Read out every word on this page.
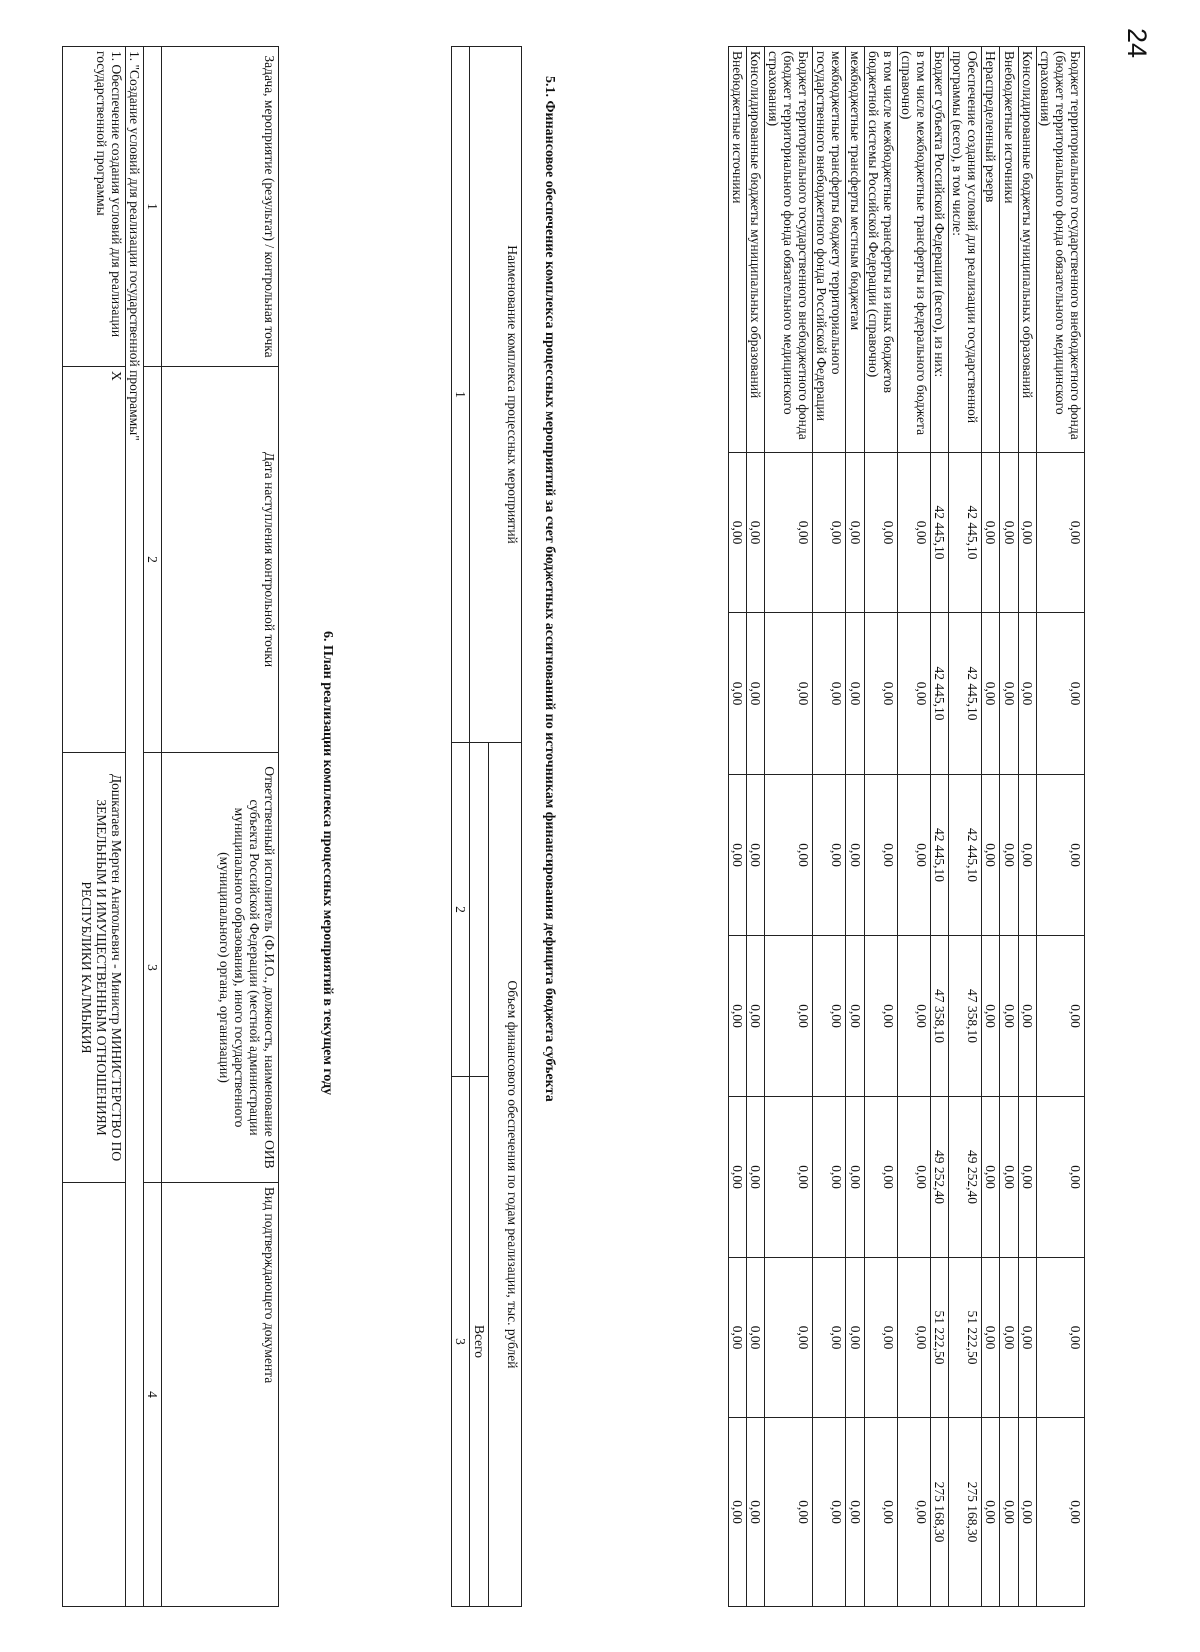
24
Бюджет территориального государственного внебюджетного фонда (бюджет территориального фонда обязательного медицинского страхования)	0,00	0,00	0,00	0,00	0,00	0,00	0,00
Консолидированные бюджеты муниципальных образований	0,00	0,00	0,00	0,00	0,00	0,00	0,00
Внебюджетные источники	0,00	0,00	0,00	0,00	0,00	0,00	0,00
Нераспределенный резерв	0,00	0,00	0,00	0,00	0,00	0,00	0,00
Обеспечение создания условий для реализации государственной программы (всего), в том числе:	42 445,10	42 445,10	42 445,10	47 358,10	49 252,40	51 222,50	275 168,30
Бюджет субъекта Российской Федерации (всего), из них:	42 445,10	42 445,10	42 445,10	47 358,10	49 252,40	51 222,50	275 168,30
в том числе межбюджетные трансферты из федерального бюджета (справочно)	0,00	0,00	0,00	0,00	0,00	0,00	0,00
в том числе межбюджетные трансферты из иных бюджетов бюджетной системы Российской Федерации (справочно)	0,00	0,00	0,00	0,00	0,00	0,00	0,00
межбюджетные трансферты местным бюджетам	0,00	0,00	0,00	0,00	0,00	0,00	0,00
межбюджетные трансферты бюджету территориального государственного внебюджетного фонда Российской Федерации	0,00	0,00	0,00	0,00	0,00	0,00	0,00
Бюджет территориального государственного внебюджетного фонда (бюджет территориального фонда обязательного медицинского страхования)	0,00	0,00	0,00	0,00	0,00	0,00	0,00
Консолидированные бюджеты муниципальных образований	0,00	0,00	0,00	0,00	0,00	0,00	0,00
Внебюджетные источники	0,00	0,00	0,00	0,00	0,00	0,00	0,00
5.1. Финансовое обеспечение комплекса процессных мероприятий за счет бюджетных ассигнований по источникам финансирования дефицита бюджета субъекта
Наименование комплекса процессных мероприятий	Объем финансового обеспечения по годам реализации, тыс. рублей	
		Всего
1	2	3
6. План реализации комплекса процессных мероприятий в текущем году
Задача, мероприятие (результат) / контрольная точка	Дата наступления контрольной точки	Ответственный исполнитель (Ф.И.О., должность, наименование ОИВ субъекта Российской Федерации (местной администрации муниципального образования), иного государственного (муниципального) органа, организации)	Вид подтверждающего документа
1	2	3	4
1. "Создание условий для реализации государственной программы"			
1. Обеспечение создания условий для реализации государственной программы	X	Дошкатаев Мерген Анатольевич - Министр МИНИСТЕРСТВО ПО ЗЕМЕЛЬНЫМ И ИМУЩЕСТВЕННЫМ ОТНОШЕНИЯМ РЕСПУБЛИКИ КАЛМЫКИЯ	
